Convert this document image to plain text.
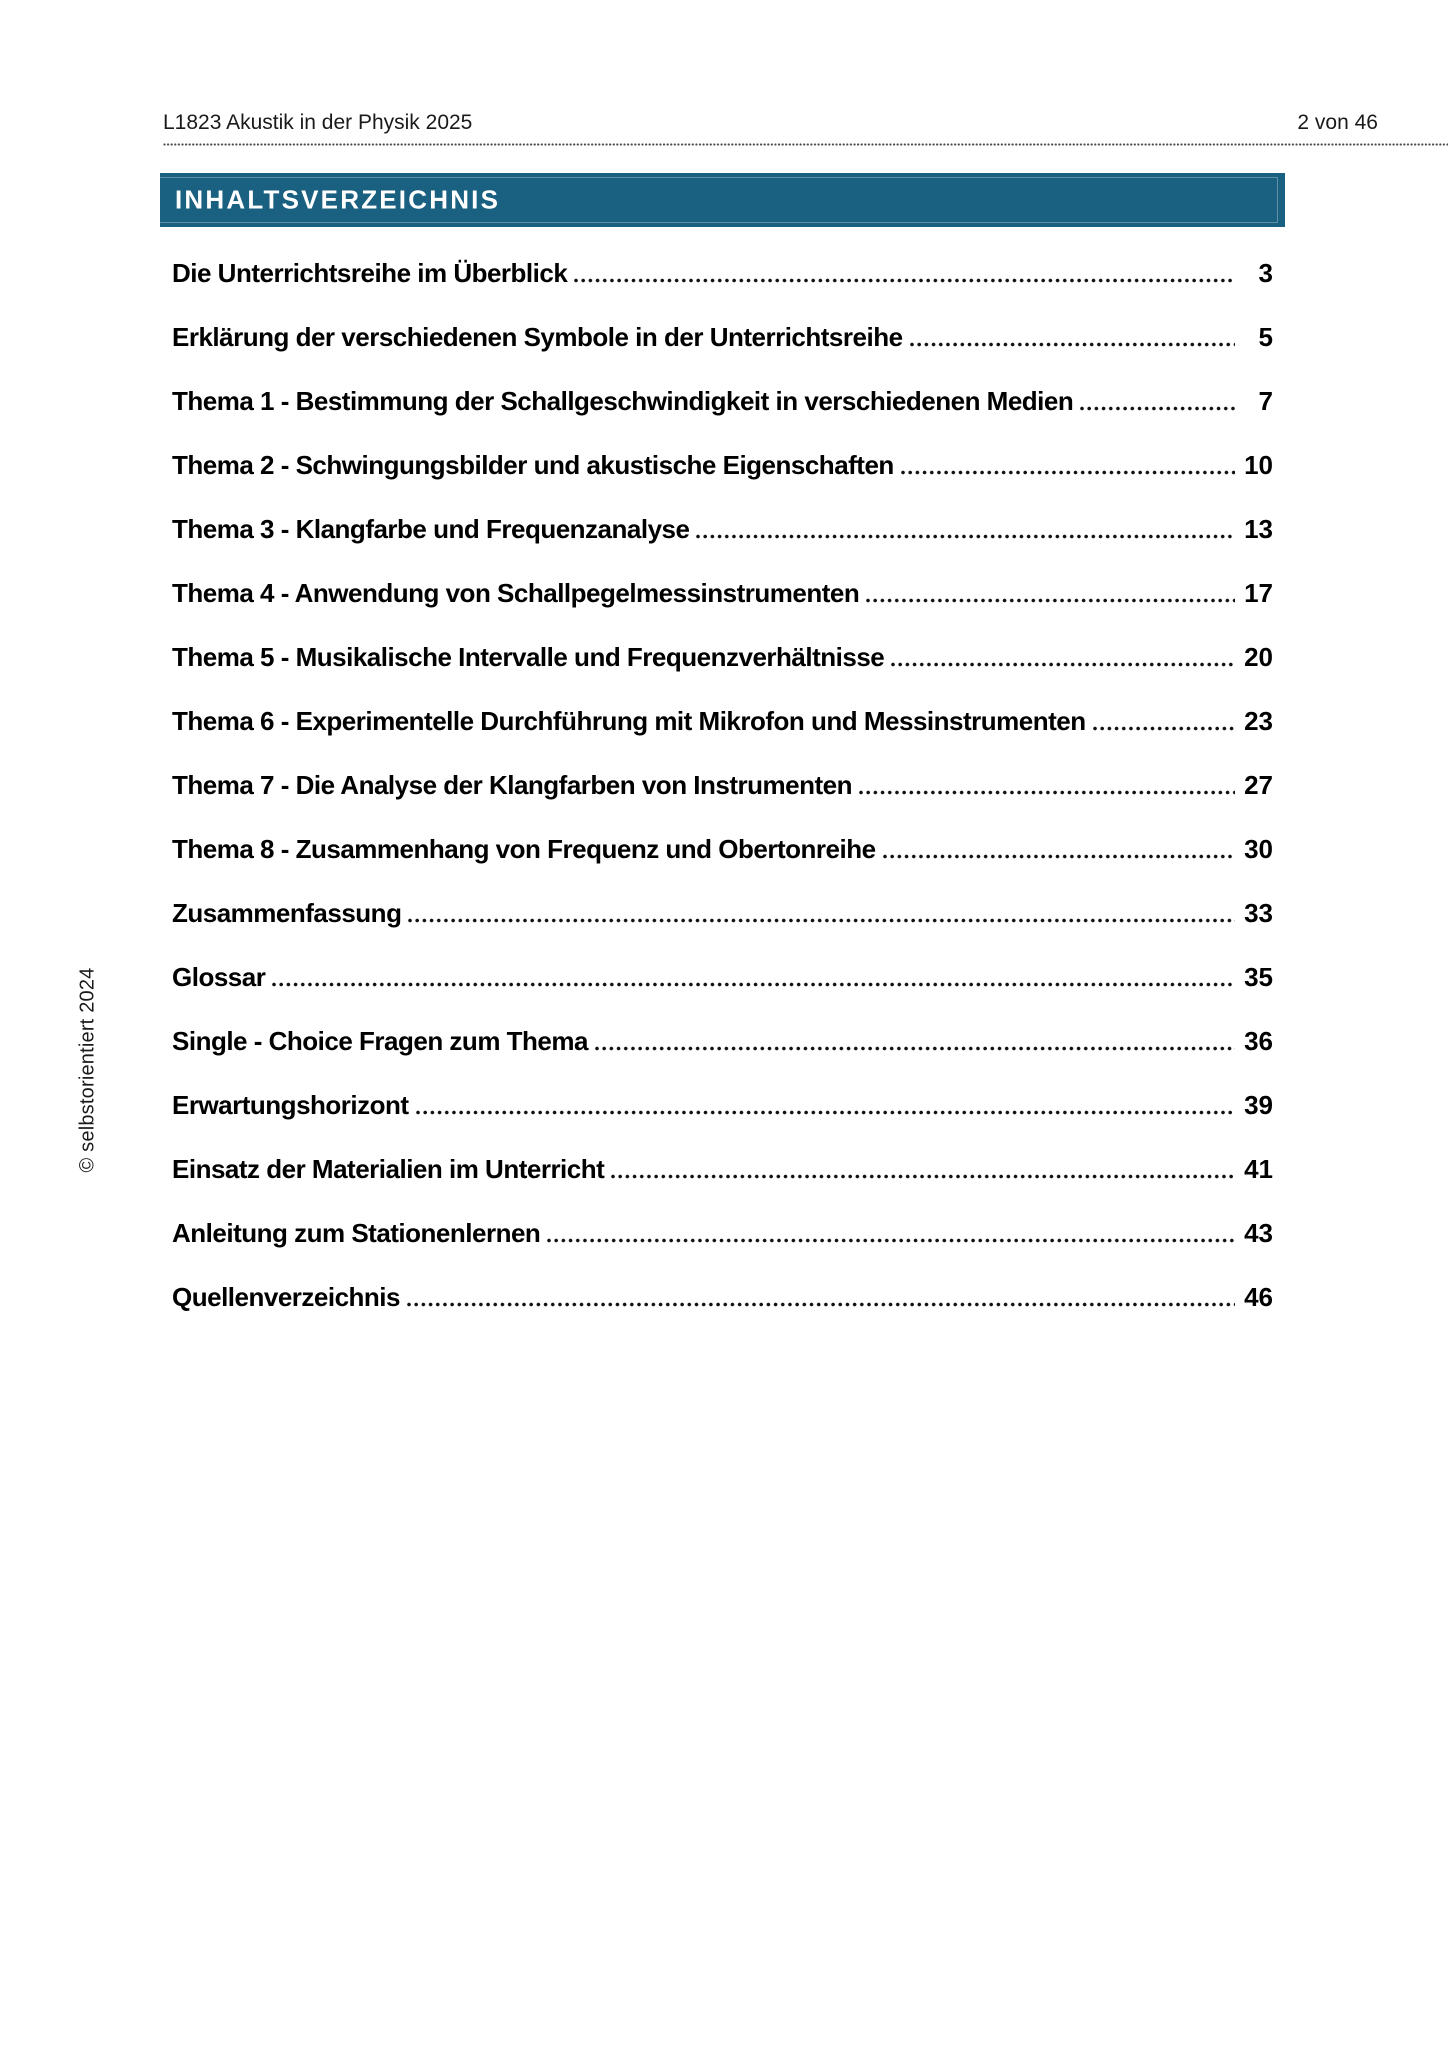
L1823 Akustik in der Physik 2025	2 von 46
INHALTSVERZEICHNIS
Die Unterrichtsreihe im Überblick	3
Erklärung der verschiedenen Symbole in der Unterrichtsreihe	5
Thema 1 - Bestimmung der Schallgeschwindigkeit in verschiedenen Medien	7
Thema 2 - Schwingungsbilder und akustische Eigenschaften	10
Thema 3 - Klangfarbe und Frequenzanalyse	13
Thema 4 - Anwendung von Schallpegelmessinstrumenten	17
Thema 5 - Musikalische Intervalle und Frequenzverhältnisse	20
Thema 6 - Experimentelle Durchführung mit Mikrofon und Messinstrumenten	23
Thema 7 - Die Analyse der Klangfarben von Instrumenten	27
Thema 8 - Zusammenhang von Frequenz und Obertonreihe	30
Zusammenfassung	33
Glossar	35
Single - Choice Fragen zum Thema	36
Erwartungshorizont	39
Einsatz der Materialien im Unterricht	41
Anleitung zum Stationenlernen	43
Quellenverzeichnis	46
© selbstorientiert 2024
